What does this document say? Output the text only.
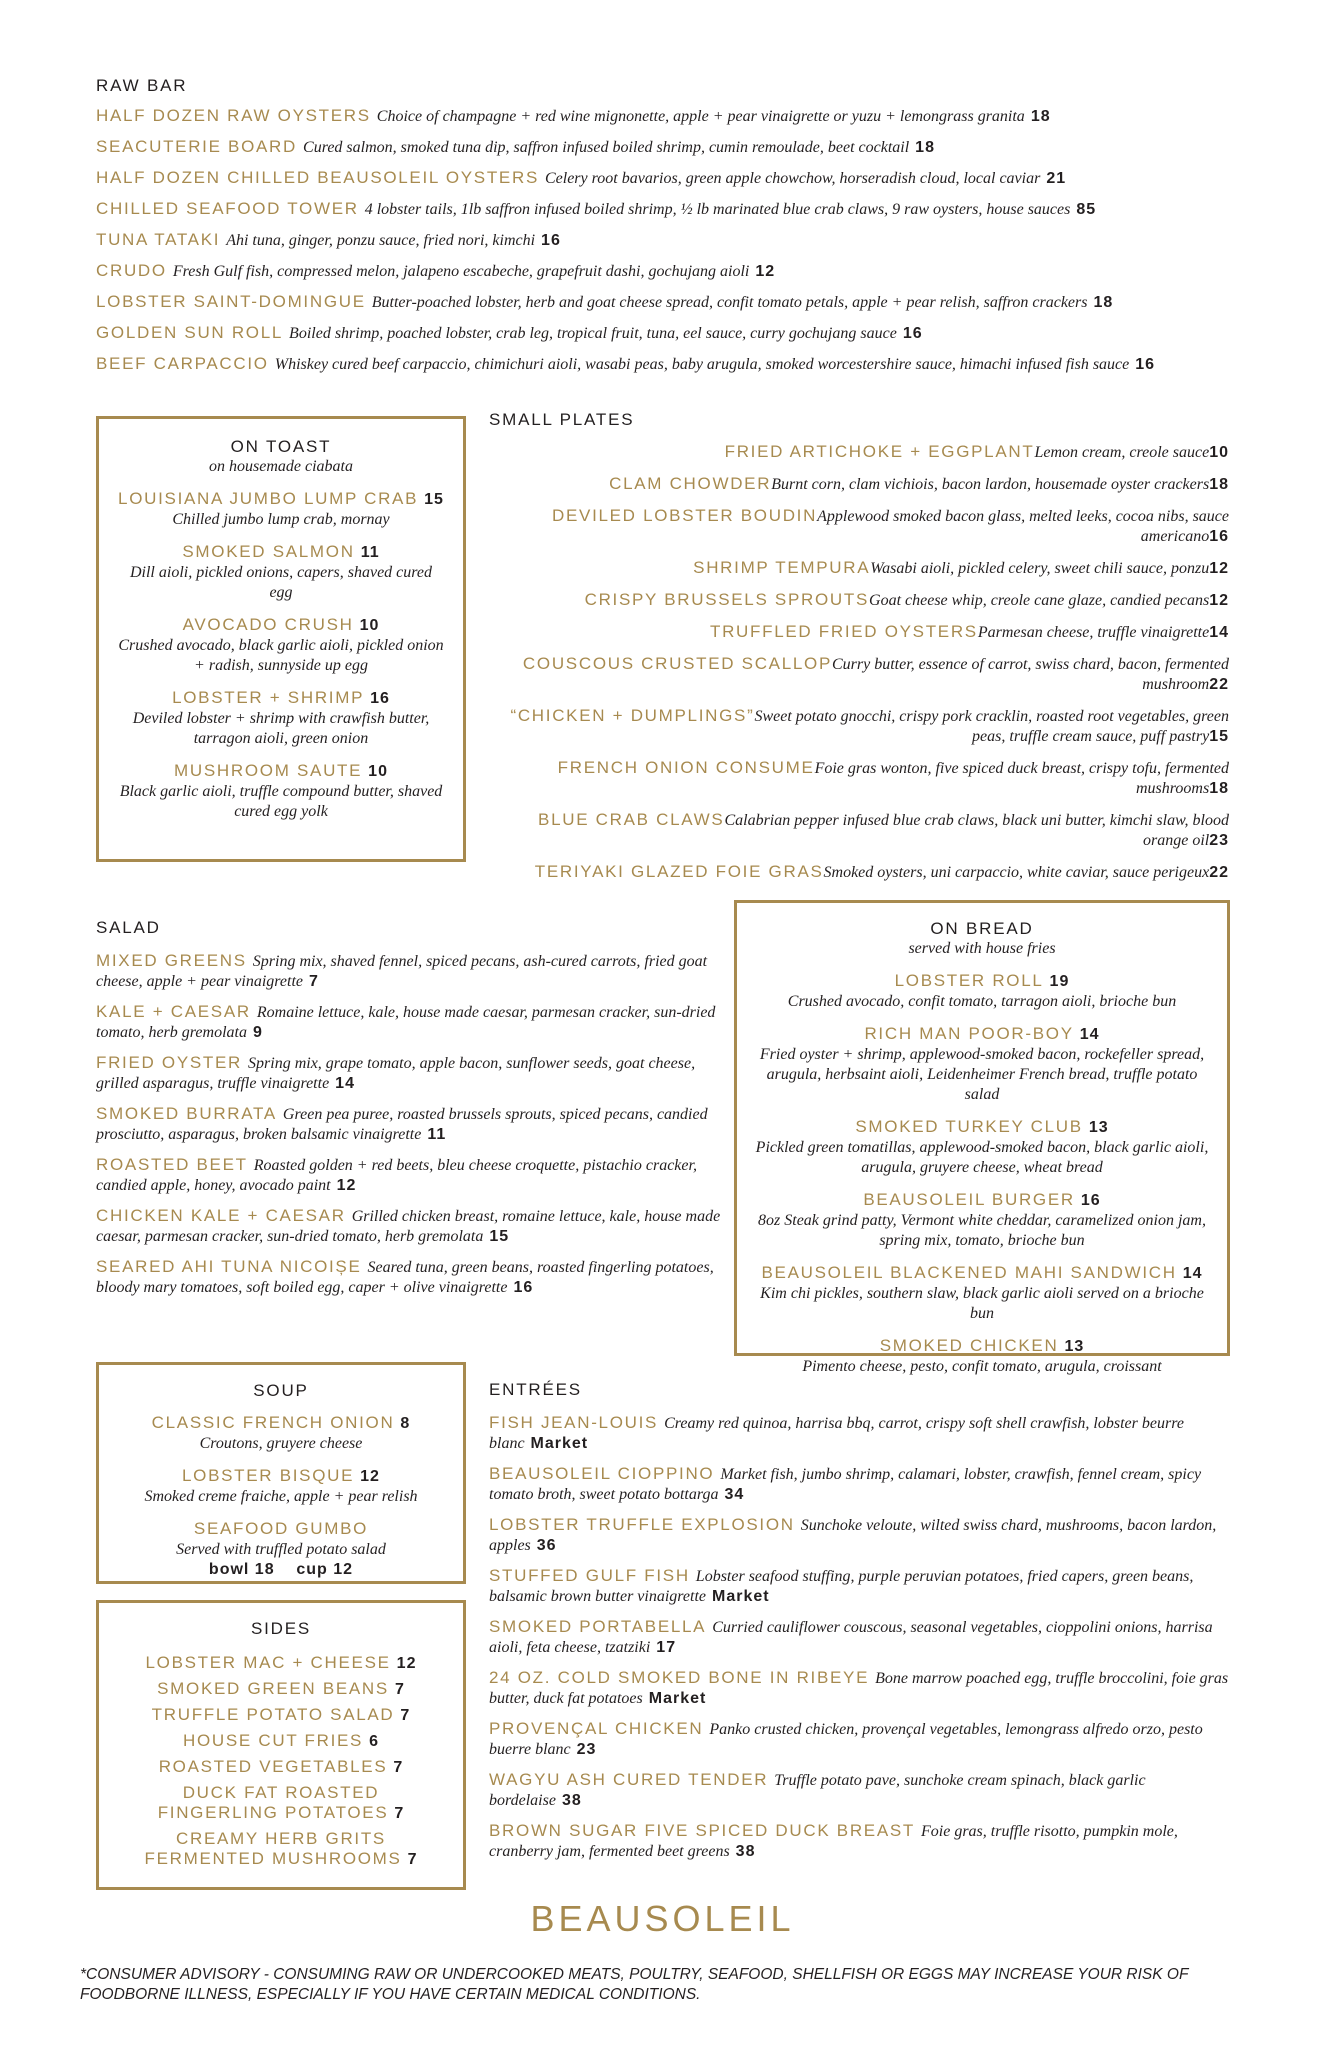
RAW BAR
HALF DOZEN RAW OYSTERS Choice of champagne + red wine mignonette, apple + pear vinaigrette or yuzu + lemongrass granita 18
SEACUTERIE BOARD Cured salmon, smoked tuna dip, saffron infused boiled shrimp, cumin remoulade, beet cocktail 18
HALF DOZEN CHILLED BEAUSOLEIL OYSTERS Celery root bavarios, green apple chowchow, horseradish cloud, local caviar 21
CHILLED SEAFOOD TOWER 4 lobster tails, 1lb saffron infused boiled shrimp, ½ lb marinated blue crab claws, 9 raw oysters, house sauces 85
TUNA TATAKI Ahi tuna, ginger, ponzu sauce, fried nori, kimchi 16
CRUDO Fresh Gulf fish, compressed melon, jalapeno escabeche, grapefruit dashi, gochujang aioli 12
LOBSTER SAINT-DOMINGUE Butter-poached lobster, herb and goat cheese spread, confit tomato petals, apple + pear relish, saffron crackers 18
GOLDEN SUN ROLL Boiled shrimp, poached lobster, crab leg, tropical fruit, tuna, eel sauce, curry gochujang sauce 16
BEEF CARPACCIO Whiskey cured beef carpaccio, chimichuri aioli, wasabi peas, baby arugula, smoked worcestershire sauce, himachi infused fish sauce 16
ON TOAST
on housemade ciabata
LOUISIANA JUMBO LUMP CRAB 15
Chilled jumbo lump crab, mornay
SMOKED SALMON 11
Dill aioli, pickled onions, capers, shaved cured egg
AVOCADO CRUSH 10
Crushed avocado, black garlic aioli, pickled onion + radish, sunnyside up egg
LOBSTER + SHRIMP 16
Deviled lobster + shrimp with crawfish butter, tarragon aioli, green onion
MUSHROOM SAUTE 10
Black garlic aioli, truffle compound butter, shaved cured egg yolk
SMALL PLATES
FRIED ARTICHOKE + EGGPLANTLemon cream, creole sauce10
CLAM CHOWDERBurnt corn, clam vichiois, bacon lardon, housemade oyster crackers18
DEVILED LOBSTER BOUDINApplewood smoked bacon glass, melted leeks, cocoa nibs, sauce americano16
SHRIMP TEMPURAWasabi aioli, pickled celery, sweet chili sauce, ponzu12
CRISPY BRUSSELS SPROUTSGoat cheese whip, creole cane glaze, candied pecans12
TRUFFLED FRIED OYSTERSParmesan cheese, truffle vinaigrette14
COUSCOUS CRUSTED SCALLOPCurry butter, essence of carrot, swiss chard, bacon, fermented mushroom22
“CHICKEN + DUMPLINGS”Sweet potato gnocchi, crispy pork cracklin, roasted root vegetables, green peas, truffle cream sauce, puff pastry15
FRENCH ONION CONSUMEFoie gras wonton, five spiced duck breast, crispy tofu, fermented mushrooms18
BLUE CRAB CLAWSCalabrian pepper infused blue crab claws, black uni butter, kimchi slaw, blood orange oil23
TERIYAKI GLAZED FOIE GRASSmoked oysters, uni carpaccio, white caviar, sauce perigeux22
SALAD
MIXED GREENS Spring mix, shaved fennel, spiced pecans, ash-cured carrots, fried goat cheese, apple + pear vinaigrette 7
KALE + CAESAR Romaine lettuce, kale, house made caesar, parmesan cracker, sun-dried tomato, herb gremolata 9
FRIED OYSTER Spring mix, grape tomato, apple bacon, sunflower seeds, goat cheese, grilled asparagus, truffle vinaigrette 14
SMOKED BURRATA Green pea puree, roasted brussels sprouts, spiced pecans, candied prosciutto, asparagus, broken balsamic vinaigrette 11
ROASTED BEET Roasted golden + red beets, bleu cheese croquette, pistachio cracker, candied apple, honey, avocado paint 12
CHICKEN KALE + CAESAR Grilled chicken breast, romaine lettuce, kale, house made caesar, parmesan cracker, sun-dried tomato, herb gremolata 15
SEARED AHI TUNA NICOIȘE Seared tuna, green beans, roasted fingerling potatoes, bloody mary tomatoes, soft boiled egg, caper + olive vinaigrette 16
ON BREAD
served with house fries
LOBSTER ROLL 19
Crushed avocado, confit tomato, tarragon aioli, brioche bun
RICH MAN POOR-BOY 14
Fried oyster + shrimp, applewood-smoked bacon, rockefeller spread, arugula, herbsaint aioli, Leidenheimer French bread, truffle potato salad
SMOKED TURKEY CLUB 13
Pickled green tomatillas, applewood-smoked bacon, black garlic aioli, arugula, gruyere cheese, wheat bread
BEAUSOLEIL BURGER 16
8oz Steak grind patty, Vermont white cheddar, caramelized onion jam, spring mix, tomato, brioche bun
BEAUSOLEIL BLACKENED MAHI SANDWICH 14
Kim chi pickles, southern slaw, black garlic aioli served on a brioche bun
SMOKED CHICKEN 13
Pimento cheese, pesto, confit tomato, arugula, croissant
SOUP
CLASSIC FRENCH ONION 8
Croutons, gruyere cheese
LOBSTER BISQUE 12
Smoked creme fraiche, apple + pear relish
SEAFOOD GUMBO
Served with truffled potato salad
bowl 18    cup 12
SIDES
LOBSTER MAC + CHEESE 12
SMOKED GREEN BEANS 7
TRUFFLE POTATO SALAD 7
HOUSE CUT FRIES 6
ROASTED VEGETABLES 7
DUCK FAT ROASTED
FINGERLING POTATOES 7
CREAMY HERB GRITS
FERMENTED MUSHROOMS 7
ENTRÉES
FISH JEAN-LOUIS Creamy red quinoa, harrisa bbq, carrot, crispy soft shell crawfish, lobster beurre blanc Market
BEAUSOLEIL CIOPPINO Market fish, jumbo shrimp, calamari, lobster, crawfish, fennel cream, spicy tomato broth, sweet potato bottarga 34
LOBSTER TRUFFLE EXPLOSION Sunchoke veloute, wilted swiss chard, mushrooms, bacon lardon, apples 36
STUFFED GULF FISH Lobster seafood stuffing, purple peruvian potatoes, fried capers, green beans, balsamic brown butter vinaigrette Market
SMOKED PORTABELLA Curried cauliflower couscous, seasonal vegetables, cioppolini onions, harrisa aioli, feta cheese, tzatziki 17
24 OZ. COLD SMOKED BONE IN RIBEYE Bone marrow poached egg, truffle broccolini, foie gras butter, duck fat potatoes Market
PROVENÇAL CHICKEN Panko crusted chicken, provençal vegetables, lemongrass alfredo orzo, pesto buerre blanc 23
WAGYU ASH CURED TENDER Truffle potato pave, sunchoke cream spinach, black garlic bordelaise 38
BROWN SUGAR FIVE SPICED DUCK BREAST Foie gras, truffle risotto, pumpkin mole, cranberry jam, fermented beet greens 38
BEAUSOLEIL
*CONSUMER ADVISORY - CONSUMING RAW OR UNDERCOOKED MEATS, POULTRY, SEAFOOD, SHELLFISH OR EGGS MAY INCREASE YOUR RISK OF FOODBORNE ILLNESS, ESPECIALLY IF YOU HAVE CERTAIN MEDICAL CONDITIONS.
